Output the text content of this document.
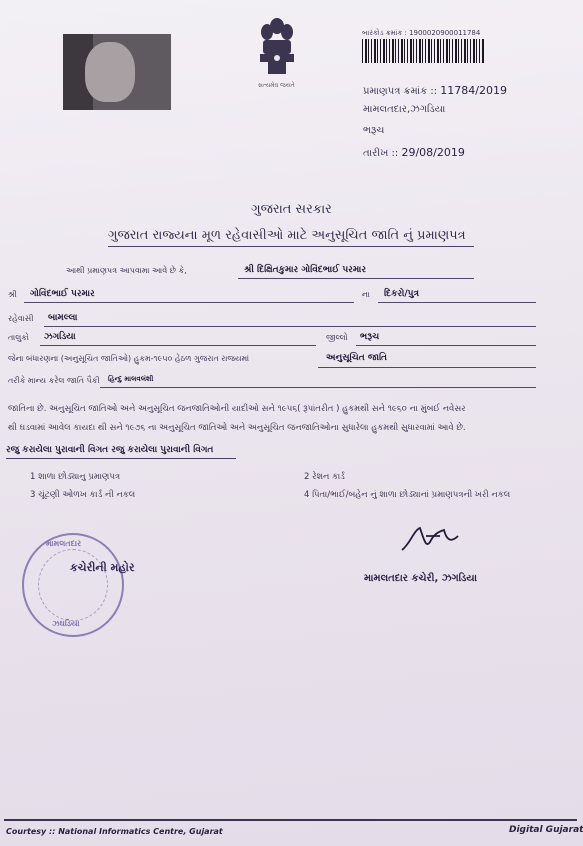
સત્યમેવ જયતે
બારકોડ ક્રમાંક : 1900020900011784
પ્રમાણપત્ર ક્રમાંક :: 11784/2019
મામલતદાર,ઝગડિયા
ભરૂચ
તારીખ :: 29/08/2019
ગુજરાત સરકાર
ગુજરાત રાજ્યના મૂળ રહેવાસીઓ માટે અનુસૂચિત જાતિ નું પ્રમાણપત્ર
આથી પ્રમાણપત્ર આપવામા આવે છે કે,	શ્રી દિક્ષિતકુમાર ગોવિંદભાઈ પરમાર
શ્રી ગોવિંદભાઈ પરમાર	ના દિકરો/પુત્ર
રહેવાસી બામલ્લા
તાલુકો ઝગડિયા	જીલ્લો ભરૂચ
જેના બંધારણના (અનુસૂચિત જાતિઓ) હુકમ-૧૯૫૦ હેઠળ ગુજરાત રાજયમાં	અનુસૂચિત જાતિ
તરીકે માન્ય કરેલ જાતિ પૈકી હિન્દુ માલવલંશી
જાતિના છે. અનુસૂચિત જાતિઓ અને અનુસૂચિત જનજાતિઓની યાદીઓ સને ૧૯૫૬( રૂપાંતરીત ) હુકમથી સને ૧૯૬૦ ના મુંબઈ નવેસર
થી ઘડવામાં આવેલ કાયદા થી સને ૧૯૭૬ ના અનુસૂચિત જાતિઓ અને અનુસૂચિત જનજાતિઓના સુધારેલા હુકમથી સુધારવામાં આવે છે.
રજુ કરાયેલા પુરાવાની વિગત રજુ કરાયેલા પુરાવાની વિગત
1 શાળા છોડ્યાનુ પ્રમાણપત્ર	2 રેશન કાર્ડ
3 ચૂંટણી ઓળખ કાર્ડ ની નકલ	4 પિતા/ભાઈ/બહેન નું શાળા છોડ્યાનાં પ્રમાણપત્રની ખરી નકલ
મામલતદાર
ઝઘડિયા
કચેરીની મહોર
મામલતદાર કચેરી, ઝગડિયા
Courtesy :: National Informatics Centre, Gujarat	Digital Gujarat
